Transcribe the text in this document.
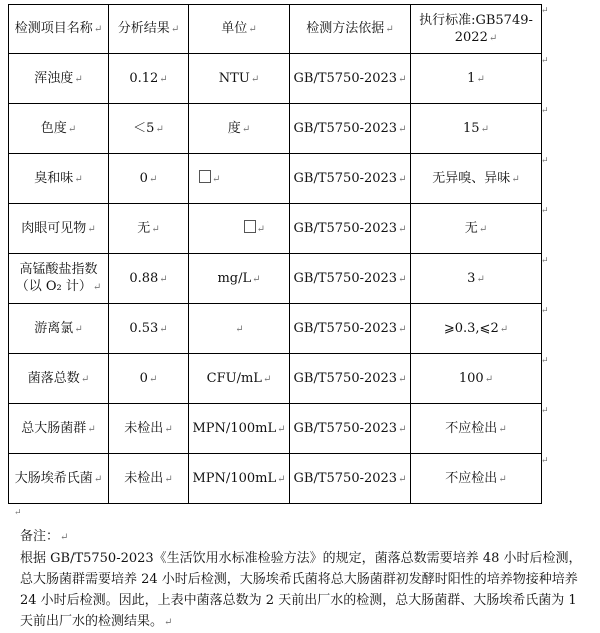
检测项目名称↵	分析结果↵	单位↵	检测方法依据↵	执行标准:GB5749-2022↵
浑浊度↵	0.12↵	NTU↵	GB/T5750-2023↵	1↵
色度↵	＜5↵	度↵	GB/T5750-2023↵	15↵
臭和味↵	0↵	↵	GB/T5750-2023↵	无异嗅、异味↵
肉眼可见物↵	无↵	↵	GB/T5750-2023↵	无↵
高锰酸盐指数（以 O₂ 计）↵	0.88↵	mg/L↵	GB/T5750-2023↵	3↵
游离氯↵	0.53↵	↵	GB/T5750-2023↵	⩾0.3,⩽2↵
菌落总数↵	0↵	CFU/mL↵	GB/T5750-2023↵	100↵
总大肠菌群↵	未检出↵	MPN/100mL↵	GB/T5750-2023↵	不应检出↵
大肠埃希氏菌↵	未检出↵	MPN/100mL↵	GB/T5750-2023↵	不应检出↵
↵
↵
↵
↵
↵
↵
↵
↵
↵
↵
↵

备注：↵

根据 GB/T5750-2023《生活饮用水标准检验方法》的规定，菌落总数需要培养 48 小时后检测，总大肠菌群需要培养 24 小时后检测，大肠埃希氏菌将总大肠菌群初发酵时阳性的培养物接种培养 24 小时后检测。因此，上表中菌落总数为 2 天前出厂水的检测，总大肠菌群、大肠埃希氏菌为 1 天前出厂水的检测结果。↵
